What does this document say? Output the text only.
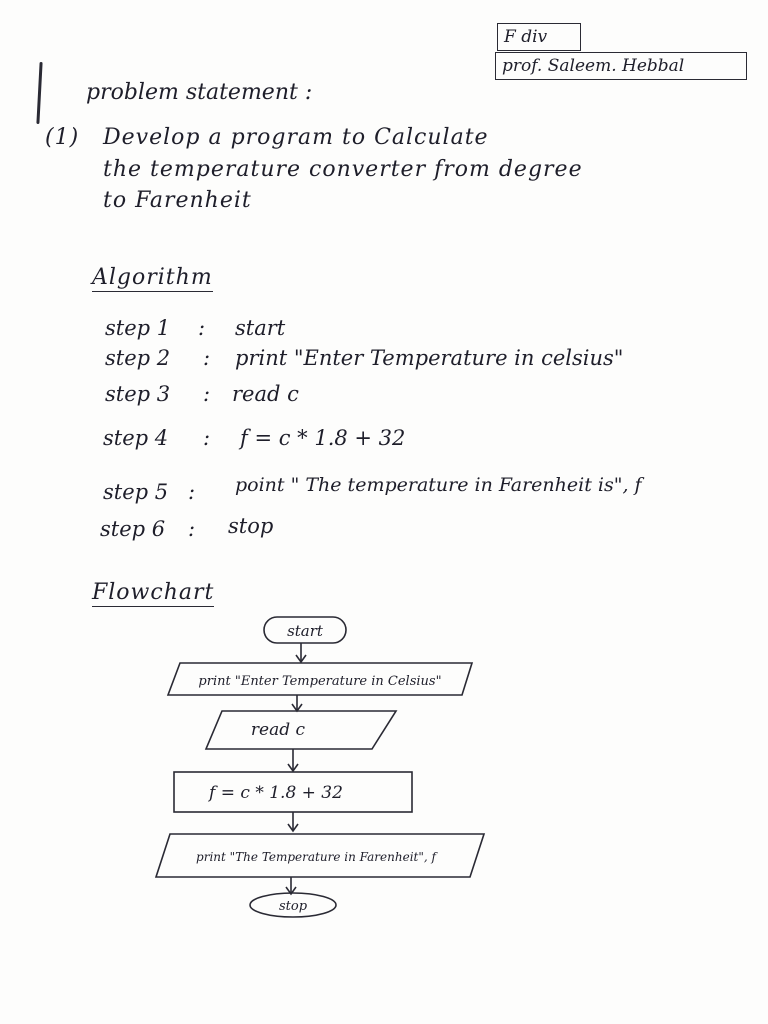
F div
prof. Saleem. Hebbal
problem statement :
(1) Develop a program to Calculate
the temperature converter from degree
to Farenheit
Algorithm
step 1 : start
step 2 : print "Enter Temperature in celsius"
step 3 : read c
step 4 : f = c * 1.8 + 32
step 5 : point " The temperature in Farenheit is", f
step 6 : stop
Flowchart
start
print "Enter Temperature in Celsius"
read c
f = c * 1.8 + 32
print "The Temperature in Farenheit", f
stop
